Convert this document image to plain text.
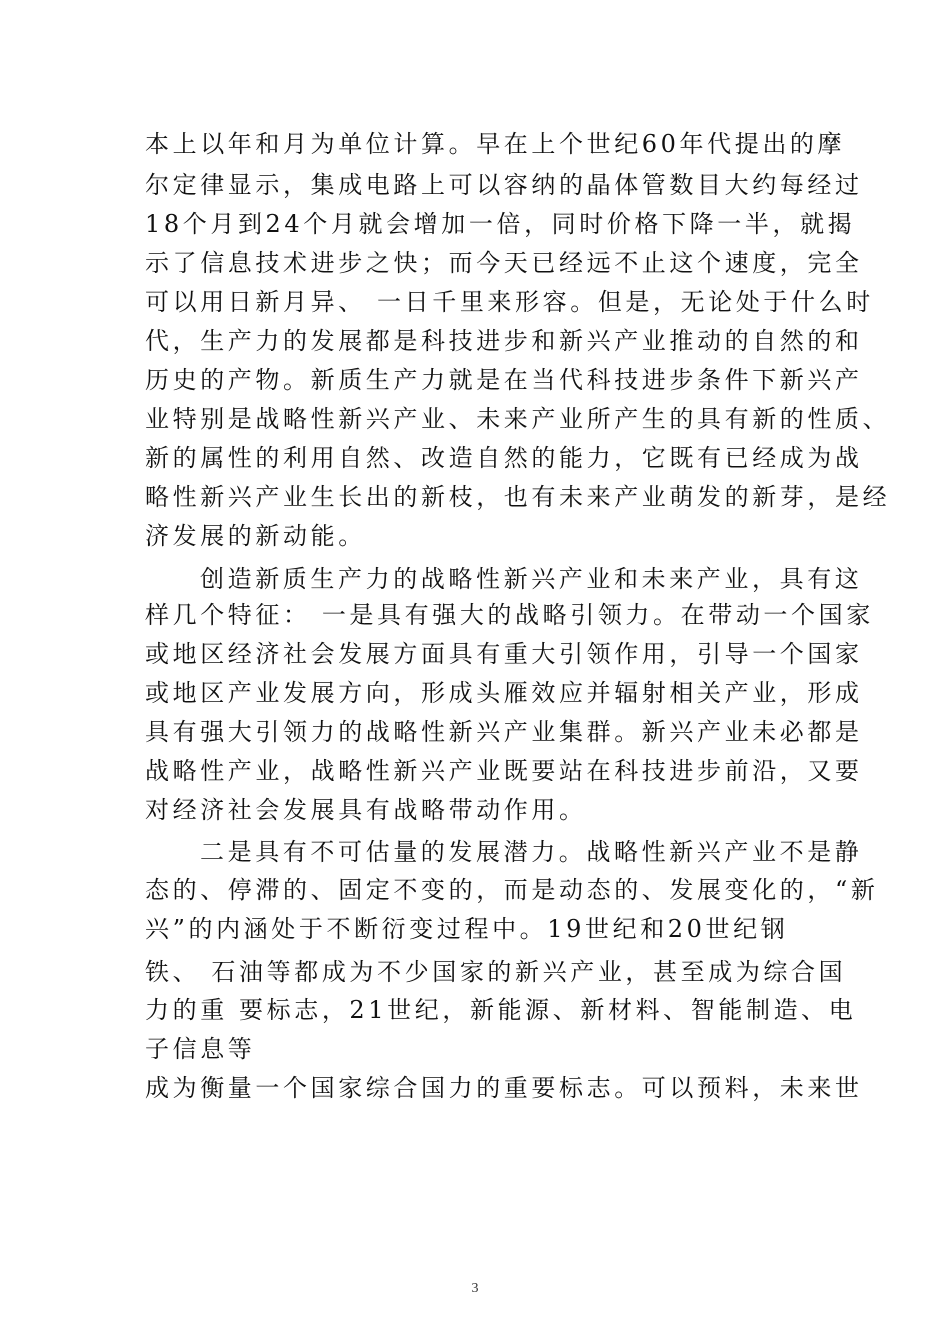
本上以年和月为单位计算。早在上个世纪60年代提出的摩
尔定律显示，集成电路上可以容纳的晶体管数目大约每经过
18个月到24个月就会增加一倍，同时价格下降一半，就揭
示了信息技术进步之快；而今天已经远不止这个速度，完全
可以用日新月异、 一日千里来形容。但是，无论处于什么时
代，生产力的发展都是科技进步和新兴产业推动的自然的和
历史的产物。新质生产力就是在当代科技进步条件下新兴产
业特别是战略性新兴产业、未来产业所产生的具有新的性质、
新的属性的利用自然、改造自然的能力，它既有已经成为战
略性新兴产业生长出的新枝，也有未来产业萌发的新芽，是经
济发展的新动能。
创造新质生产力的战略性新兴产业和未来产业，具有这
样几个特征： 一是具有强大的战略引领力。在带动一个国家
或地区经济社会发展方面具有重大引领作用，引导一个国家
或地区产业发展方向，形成头雁效应并辐射相关产业，形成
具有强大引领力的战略性新兴产业集群。新兴产业未必都是
战略性产业，战略性新兴产业既要站在科技进步前沿，又要
对经济社会发展具有战略带动作用。
二是具有不可估量的发展潜力。战略性新兴产业不是静
态的、停滞的、固定不变的，而是动态的、发展变化的，“新
兴”的内涵处于不断衍变过程中。19世纪和20世纪钢
铁、 石油等都成为不少国家的新兴产业，甚至成为综合国
力的重 要标志，21世纪，新能源、新材料、智能制造、电
子信息等
成为衡量一个国家综合国力的重要标志。可以预料，未来世
3
